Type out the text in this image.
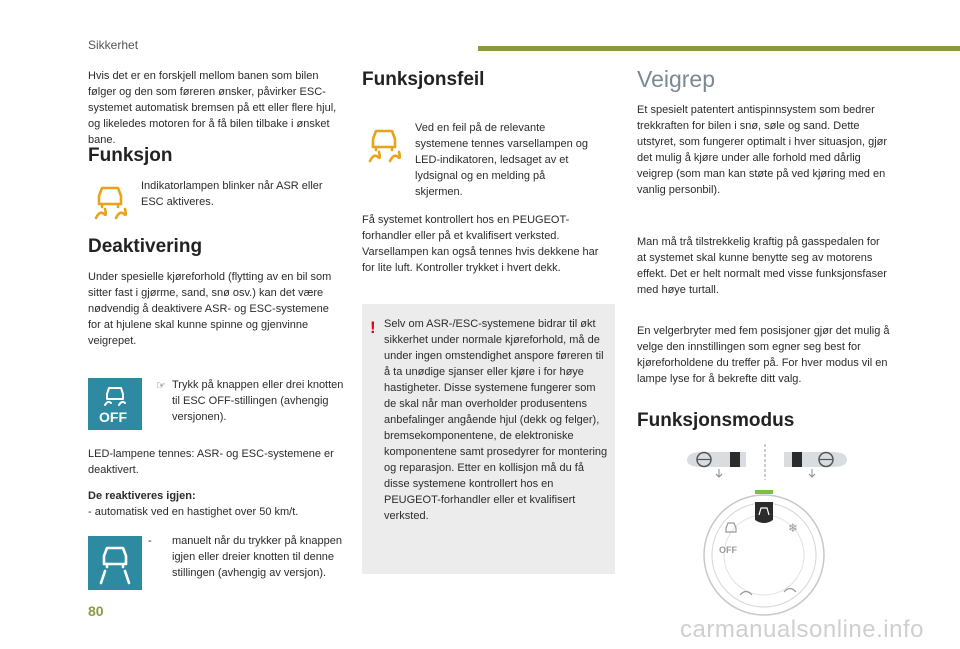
Sikkerhet
Hvis det er en forskjell mellom banen som bilen følger og den som føreren ønsker, påvirker ESC-systemet automatisk bremsen på ett eller flere hjul, og likeledes motoren for å få bilen tilbake i ønsket bane.
Funksjon
Indikatorlampen blinker når ASR eller ESC aktiveres.
Deaktivering
Under spesielle kjøreforhold (flytting av en bil som sitter fast i gjørme, sand, snø osv.) kan det være nødvendig å deaktivere ASR- og ESC-systemene for at hjulene skal kunne spinne og gjenvinne veigrepet.
OFF
☞ Trykk på knappen eller drei knotten til ESC OFF-stillingen (avhengig versjonen).
LED-lampene tennes: ASR- og ESC-systemene er deaktivert.
De reaktiveres igjen:
- automatisk ved en hastighet over 50 km/t.
- manuelt når du trykker på knappen igjen eller dreier knotten til denne stillingen (avhengig av versjon).
Funksjonsfeil
Ved en feil på de relevante systemene tennes varsellampen og LED-indikatoren, ledsaget av et lydsignal og en melding på skjermen.
Få systemet kontrollert hos en PEUGEOT-forhandler eller på et kvalifisert verksted. Varsellampen kan også tennes hvis dekkene har for lite luft. Kontroller trykket i hvert dekk.
! Selv om ASR-/ESC-systemene bidrar til økt sikkerhet under normale kjøreforhold, må de under ingen omstendighet anspore føreren til å ta unødige sjanser eller kjøre i for høye hastigheter. Disse systemene fungerer som de skal når man overholder produsentens anbefalinger angående hjul (dekk og felger), bremsekomponentene, de elektroniske komponentene samt prosedyrer for montering og reparasjon. Etter en kollisjon må du få disse systemene kontrollert hos en PEUGEOT-forhandler eller et kvalifisert verksted.
Veigrep
Et spesielt patentert antispinnsystem som bedrer trekkraften for bilen i snø, søle og sand. Dette utstyret, som fungerer optimalt i hver situasjon, gjør det mulig å kjøre under alle forhold med dårlig veigrep (som man kan støte på ved kjøring med en vanlig personbil).
Man må trå tilstrekkelig kraftig på gasspedalen for at systemet skal kunne benytte seg av motorens effekt. Det er helt normalt med visse funksjonsfaser med høye turtall.
En velgerbryter med fem posisjoner gjør det mulig å velge den innstillingen som egner seg best for kjøreforholdene du treffer på. For hver modus vil en lampe lyse for å bekrefte ditt valg.
Funksjonsmodus
❄
OFF
80
carmanualsonline.info
